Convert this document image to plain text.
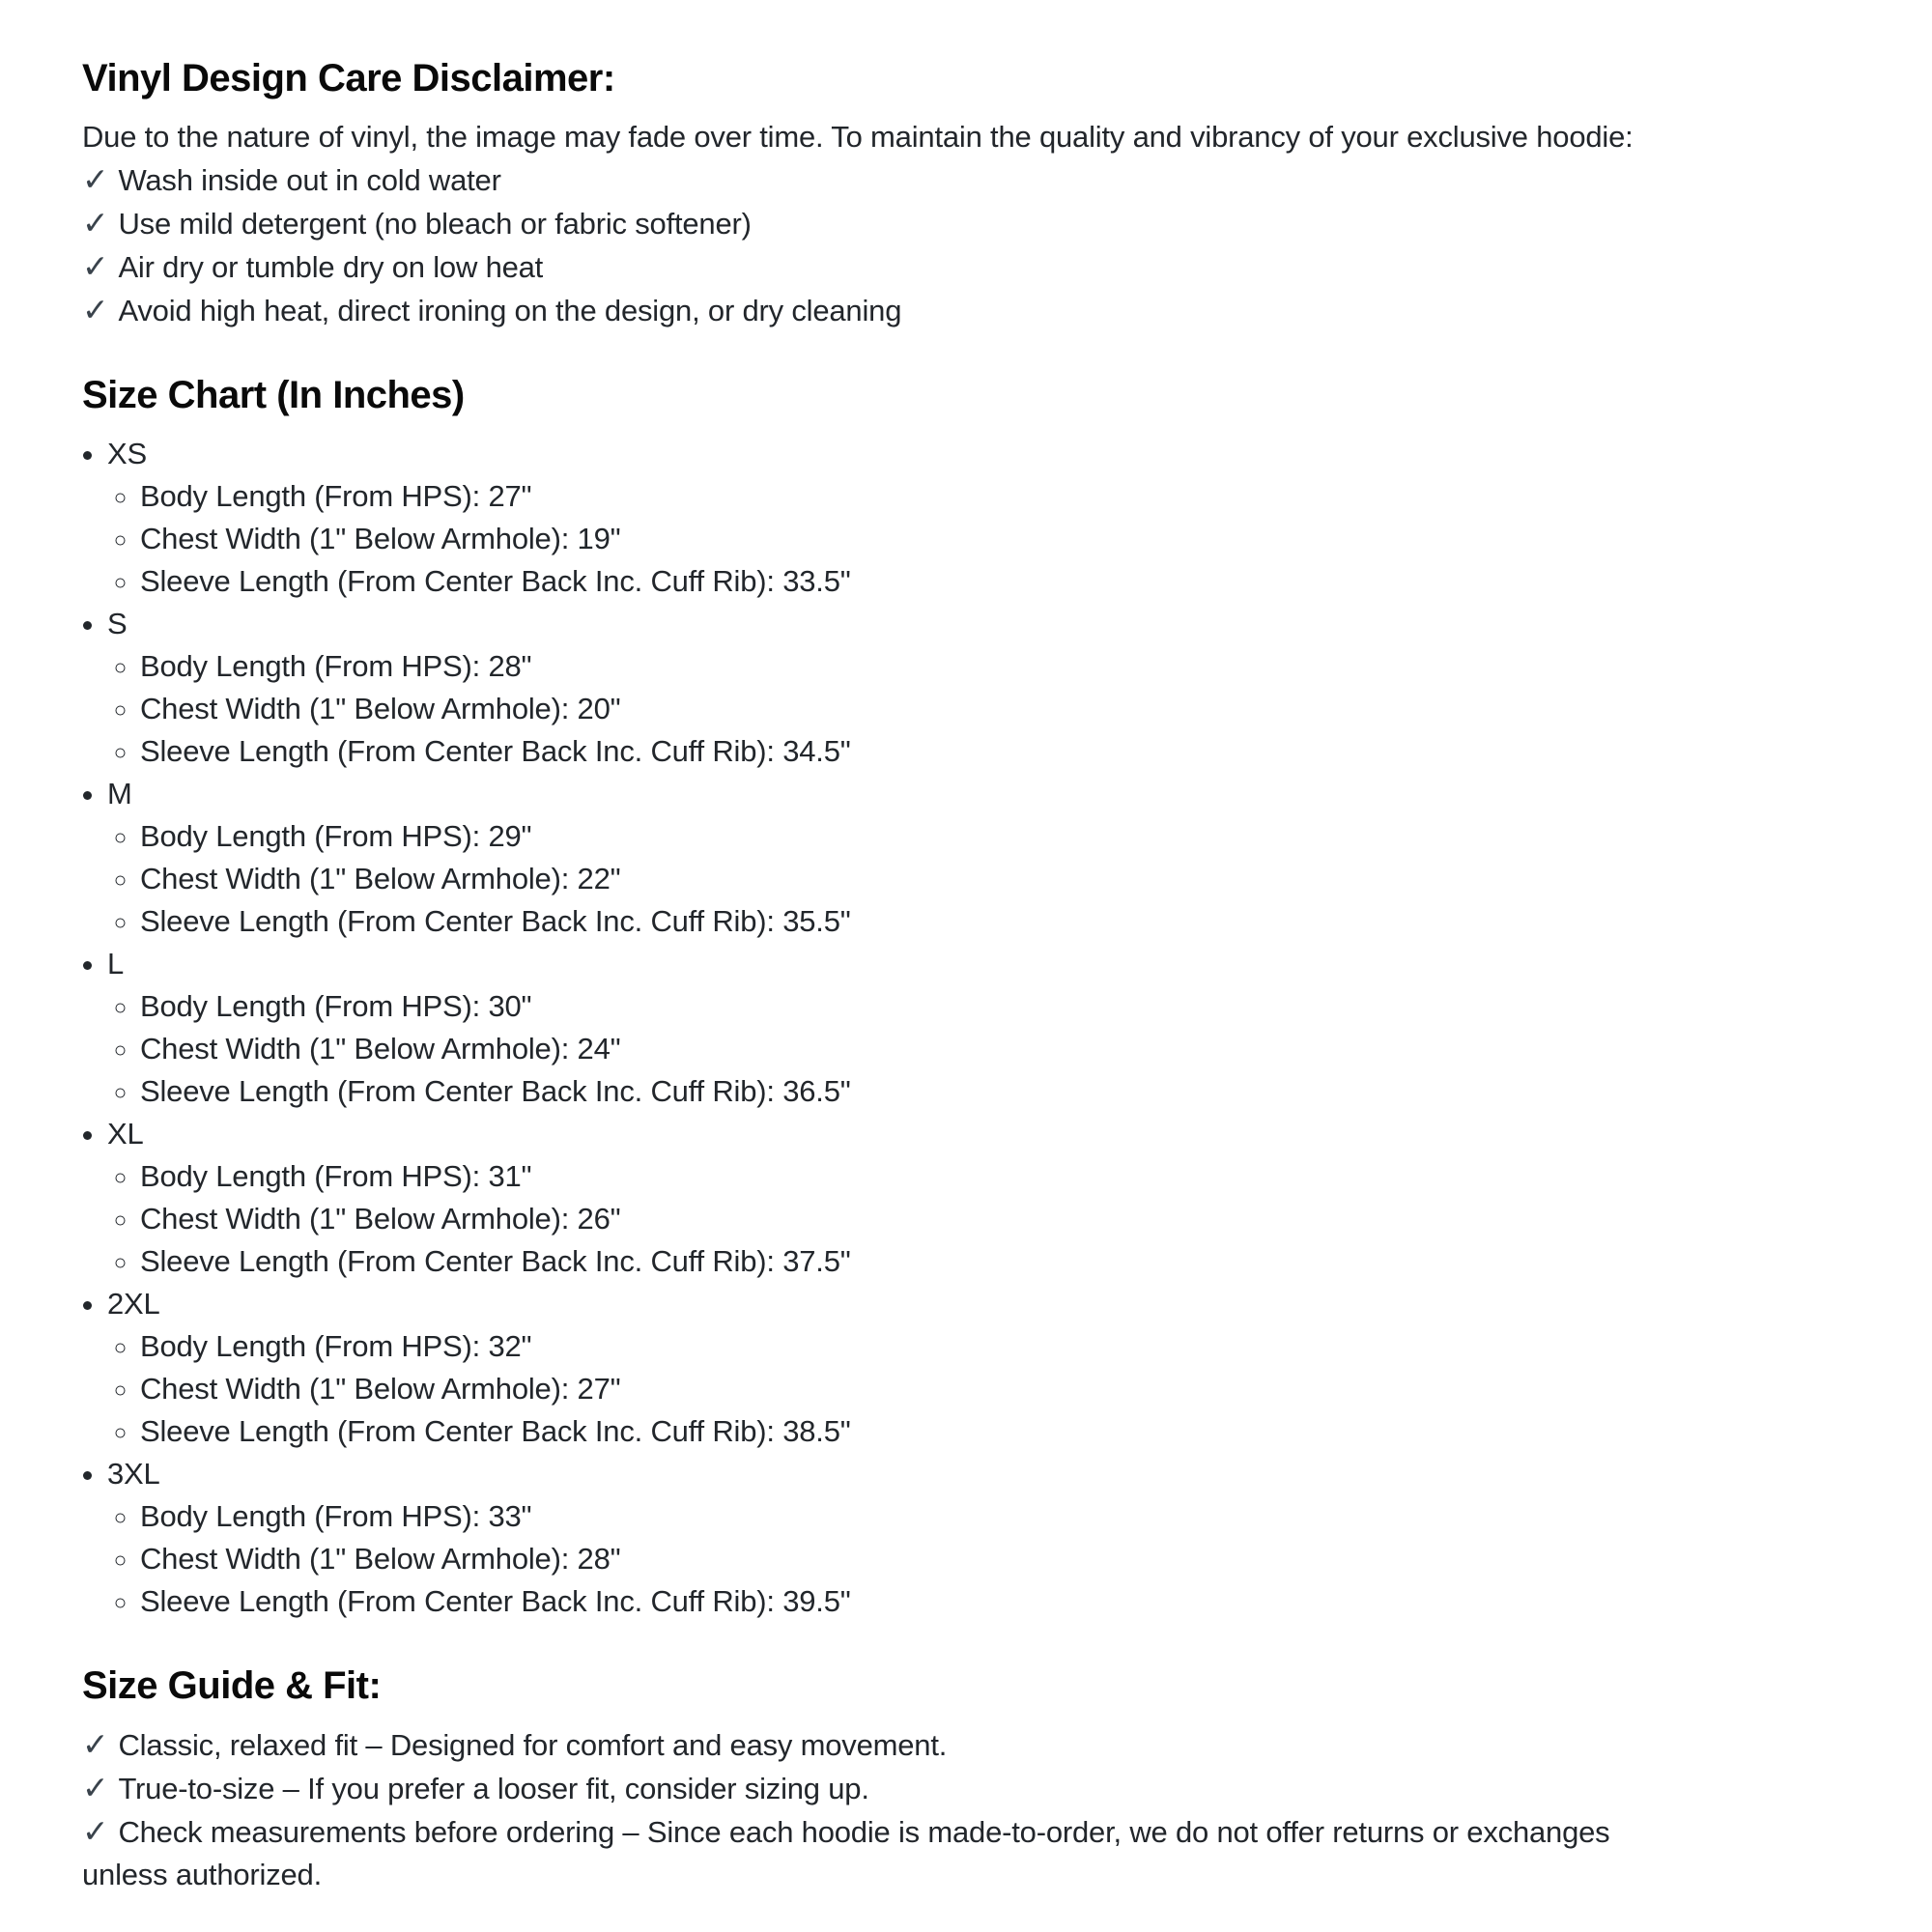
Vinyl Design Care Disclaimer:

Due to the nature of vinyl, the image may fade over time. To maintain the quality and vibrancy of your exclusive hoodie:

✓ Wash inside out in cold water

✓ Use mild detergent (no bleach or fabric softener)

✓ Air dry or tumble dry on low heat

✓ Avoid high heat, direct ironing on the design, or dry cleaning

Size Chart (In Inches)
• XS
◦ Body Length (From HPS): 27"
◦ Chest Width (1" Below Armhole): 19"
◦ Sleeve Length (From Center Back Inc. Cuff Rib): 33.5"
• S
◦ Body Length (From HPS): 28"
◦ Chest Width (1" Below Armhole): 20"
◦ Sleeve Length (From Center Back Inc. Cuff Rib): 34.5"
• M
◦ Body Length (From HPS): 29"
◦ Chest Width (1" Below Armhole): 22"
◦ Sleeve Length (From Center Back Inc. Cuff Rib): 35.5"
• L
◦ Body Length (From HPS): 30"
◦ Chest Width (1" Below Armhole): 24"
◦ Sleeve Length (From Center Back Inc. Cuff Rib): 36.5"
• XL
◦ Body Length (From HPS): 31"
◦ Chest Width (1" Below Armhole): 26"
◦ Sleeve Length (From Center Back Inc. Cuff Rib): 37.5"
• 2XL
◦ Body Length (From HPS): 32"
◦ Chest Width (1" Below Armhole): 27"
◦ Sleeve Length (From Center Back Inc. Cuff Rib): 38.5"
• 3XL
◦ Body Length (From HPS): 33"
◦ Chest Width (1" Below Armhole): 28"
◦ Sleeve Length (From Center Back Inc. Cuff Rib): 39.5"
Size Guide & Fit:

✓ Classic, relaxed fit – Designed for comfort and easy movement.

✓ True-to-size – If you prefer a looser fit, consider sizing up.

✓ Check measurements before ordering – Since each hoodie is made-to-order, we do not offer returns or exchanges unless authorized.
